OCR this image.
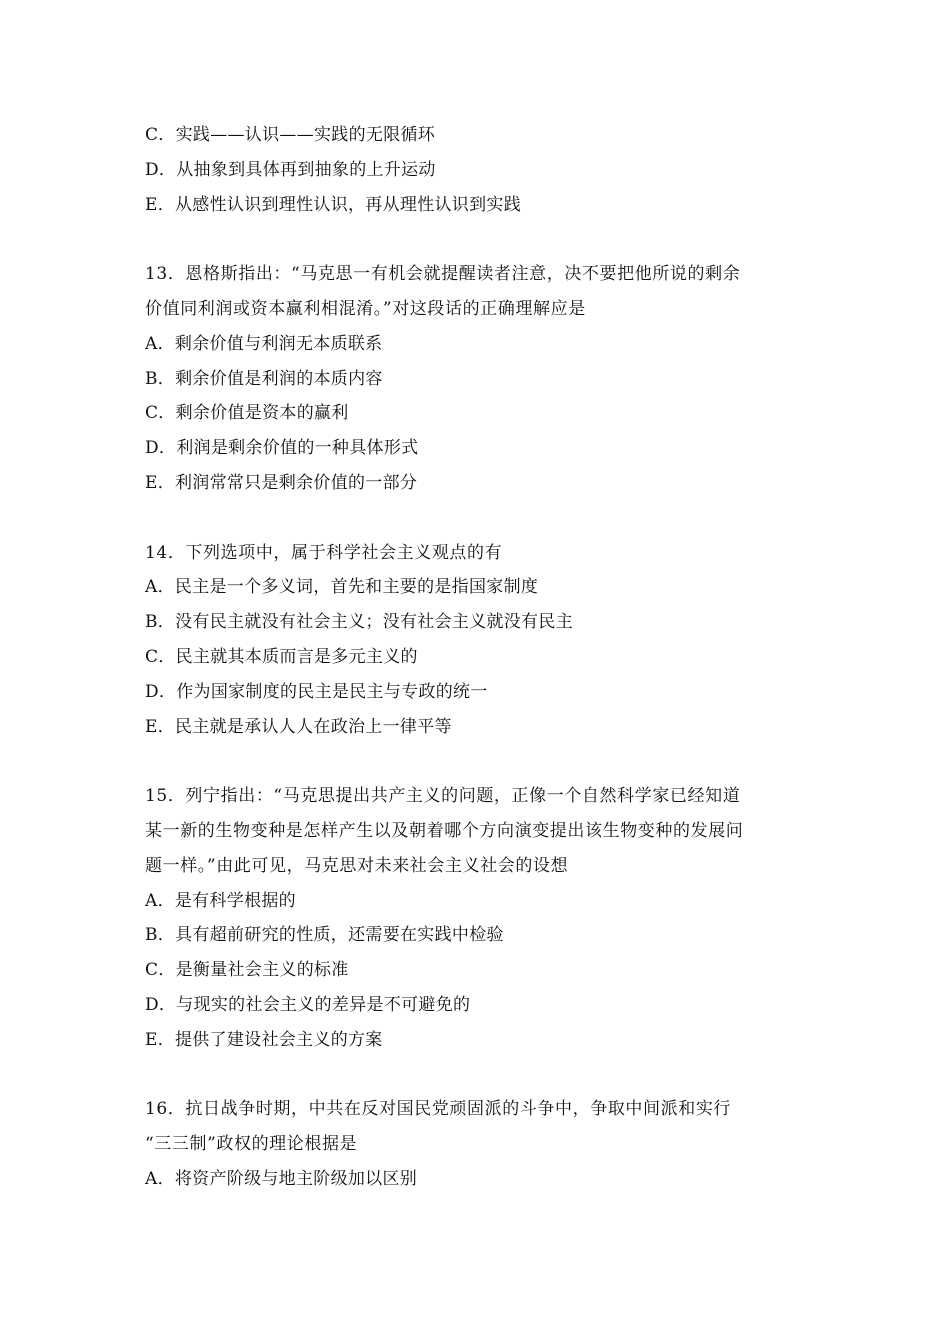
C．实践——认识——实践的无限循环
D．从抽象到具体再到抽象的上升运动
E．从感性认识到理性认识，再从理性认识到实践
13．恩格斯指出：“马克思一有机会就提醒读者注意，决不要把他所说的剩余
价值同利润或资本赢利相混淆。”对这段话的正确理解应是
A．剩余价值与利润无本质联系
B．剩余价值是利润的本质内容
C．剩余价值是资本的赢利
D．利润是剩余价值的一种具体形式
E．利润常常只是剩余价值的一部分
14．下列选项中，属于科学社会主义观点的有
A．民主是一个多义词，首先和主要的是指国家制度
B．没有民主就没有社会主义；没有社会主义就没有民主
C．民主就其本质而言是多元主义的
D．作为国家制度的民主是民主与专政的统一
E．民主就是承认人人在政治上一律平等
15．列宁指出：“马克思提出共产主义的问题，正像一个自然科学家已经知道
某一新的生物变种是怎样产生以及朝着哪个方向演变提出该生物变种的发展问
题一样。”由此可见，马克思对未来社会主义社会的设想
A．是有科学根据的
B．具有超前研究的性质，还需要在实践中检验
C．是衡量社会主义的标准
D．与现实的社会主义的差异是不可避免的
E．提供了建设社会主义的方案
16．抗日战争时期，中共在反对国民党顽固派的斗争中，争取中间派和实行
“三三制”政权的理论根据是
A．将资产阶级与地主阶级加以区别
